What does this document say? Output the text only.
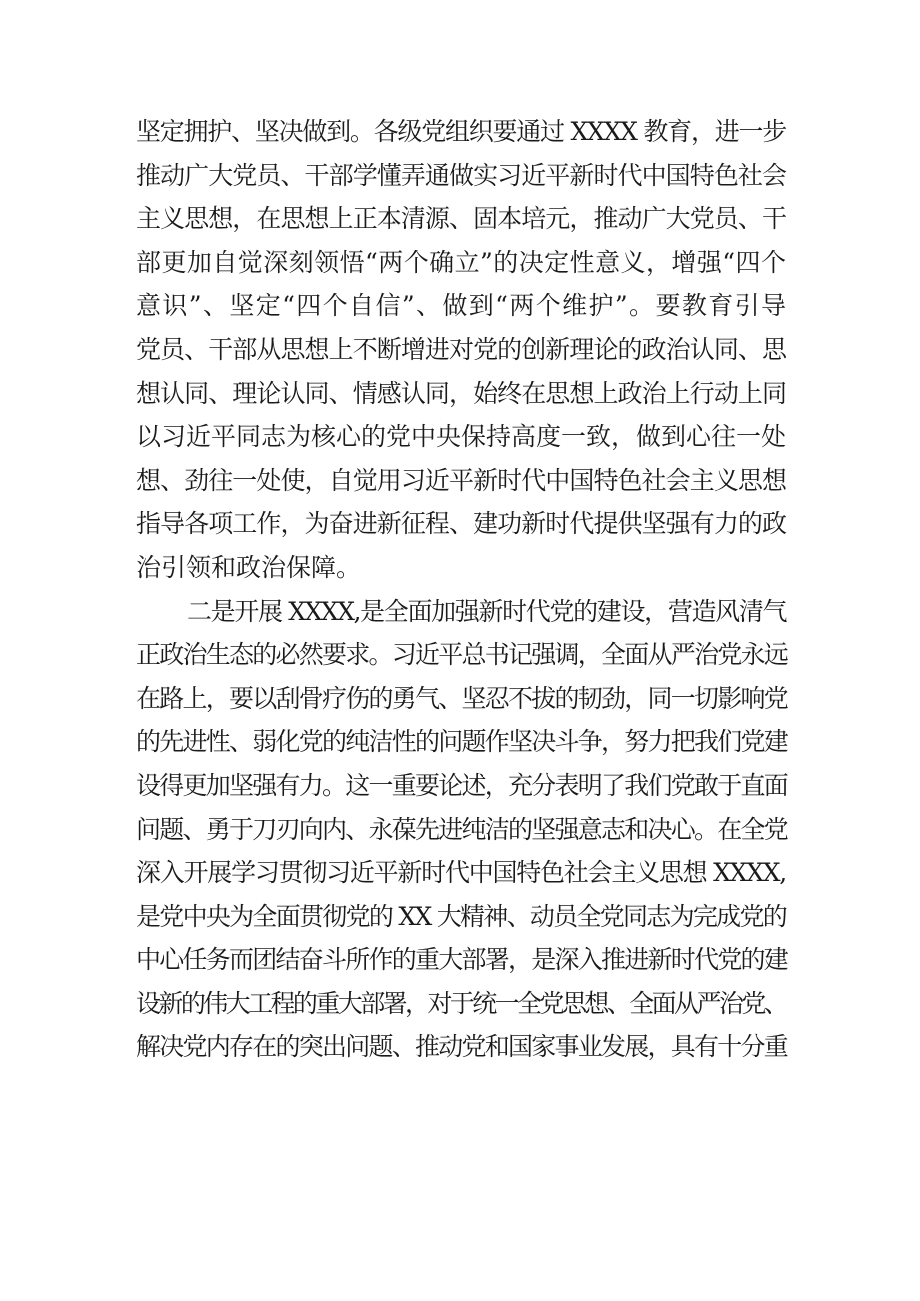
坚定拥护、坚决做到。各级党组织要通过 XXXX 教育，进一步
推动广大党员、干部学懂弄通做实习近平新时代中国特色社会
主义思想，在思想上正本清源、固本培元，推动广大党员、干
部更加自觉深刻领悟“两个确立”的决定性意义，增强“四个
意识”、坚定“四个自信”、做到“两个维护”。要教育引导
党员、干部从思想上不断增进对党的创新理论的政治认同、思
想认同、理论认同、情感认同，始终在思想上政治上行动上同
以习近平同志为核心的党中央保持高度一致，做到心往一处
想、劲往一处使，自觉用习近平新时代中国特色社会主义思想
指导各项工作，为奋进新征程、建功新时代提供坚强有力的政
治引领和政治保障。
二是开展 XXXX,是全面加强新时代党的建设，营造风清气
正政治生态的必然要求。习近平总书记强调，全面从严治党永远
在路上，要以刮骨疗伤的勇气、坚忍不拔的韧劲，同一切影响党
的先进性、弱化党的纯洁性的问题作坚决斗争，努力把我们党建
设得更加坚强有力。这一重要论述，充分表明了我们党敢于直面
问题、勇于刀刃向内、永葆先进纯洁的坚强意志和决心。在全党
深入开展学习贯彻习近平新时代中国特色社会主义思想 XXXX,
是党中央为全面贯彻党的 XX 大精神、动员全党同志为完成党的
中心任务而团结奋斗所作的重大部署，是深入推进新时代党的建
设新的伟大工程的重大部署，对于统一全党思想、全面从严治党、
解决党内存在的突出问题、推动党和国家事业发展，具有十分重
